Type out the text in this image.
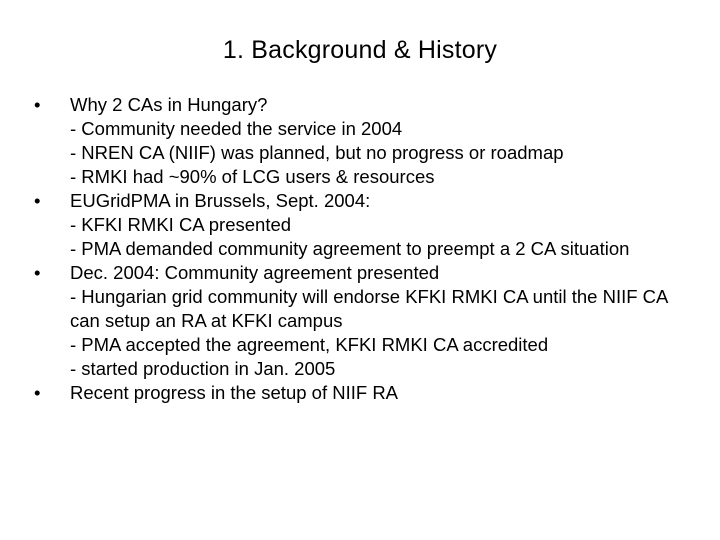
1. Background & History
•	Why 2 CAs in Hungary?
- Community needed the service in 2004
- NREN CA (NIIF) was planned, but no progress or roadmap
- RMKI had ~90% of LCG users & resources
•	EUGridPMA in Brussels, Sept. 2004:
- KFKI RMKI CA presented
- PMA demanded community agreement to preempt a 2 CA situation
•	Dec. 2004: Community agreement presented
- Hungarian grid community will endorse KFKI RMKI CA until the NIIF CA can setup an RA at KFKI campus
- PMA accepted the agreement, KFKI RMKI CA accredited
- started production in Jan. 2005
•	Recent progress in the setup of NIIF RA
